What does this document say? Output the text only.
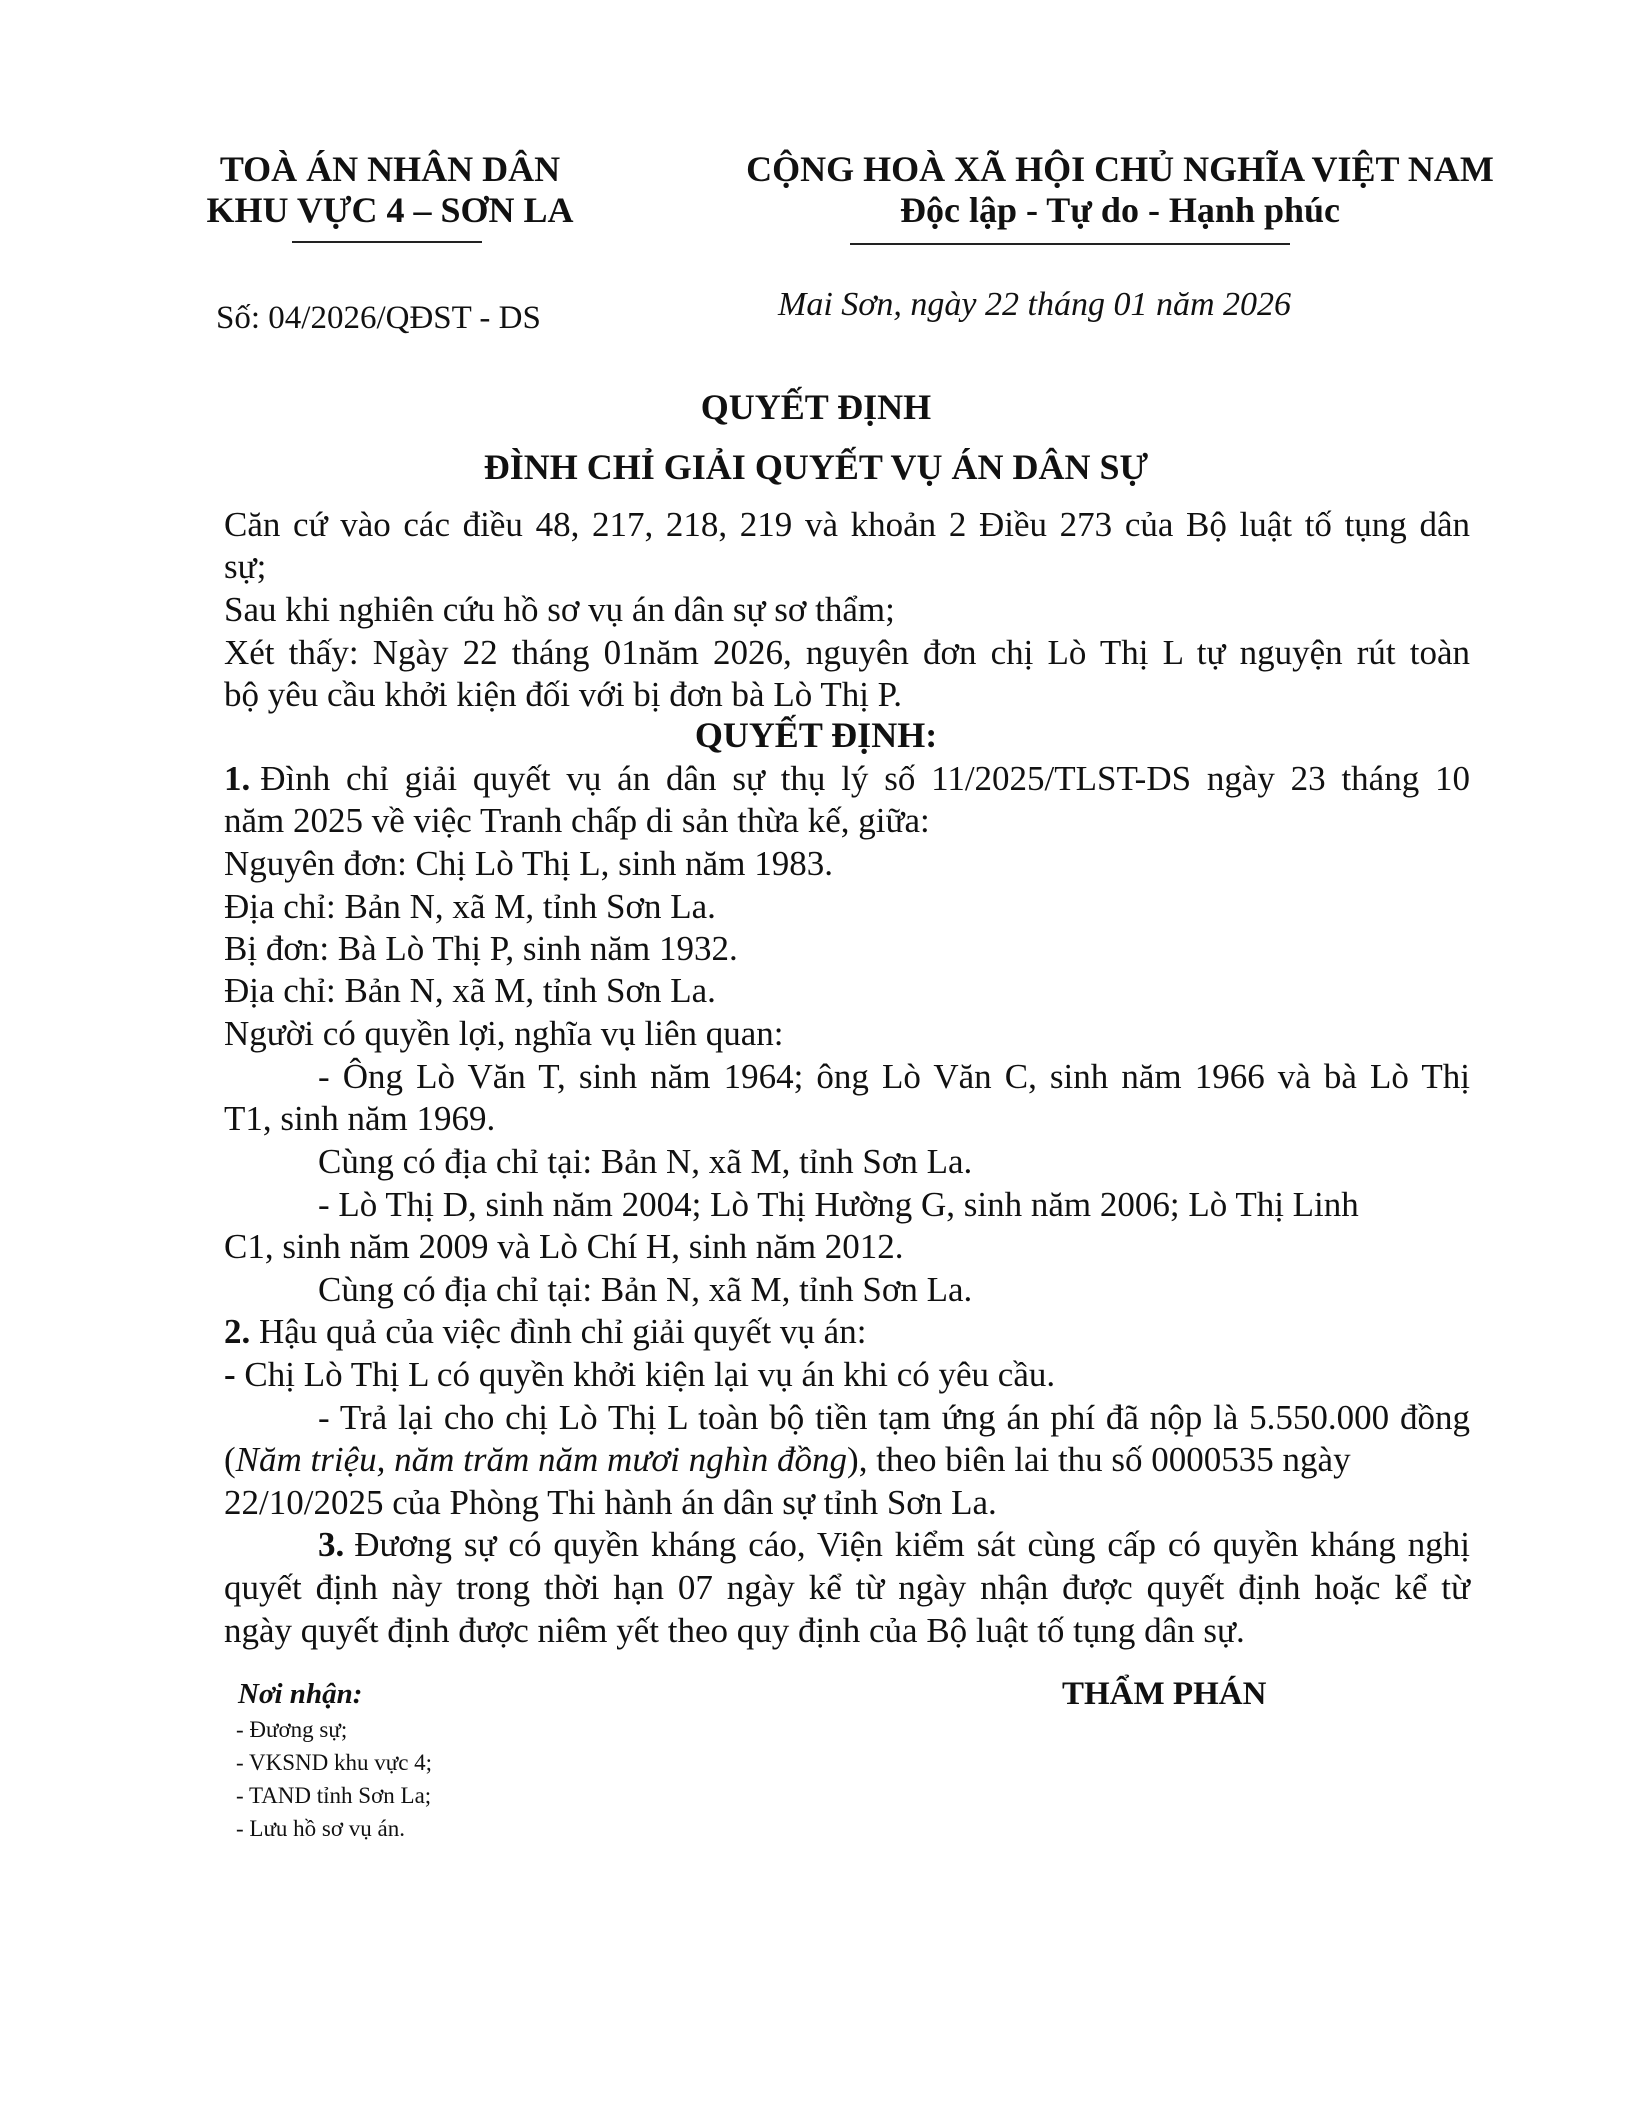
TOÀ ÁN NHÂN DÂN
KHU VỰC 4 – SƠN LA
CỘNG HOÀ XÃ HỘI CHỦ NGHĨA VIỆT NAM
Độc lập - Tự do - Hạnh phúc
Số: 04/2026/QĐST - DS	Mai Sơn, ngày 22 tháng 01 năm 2026
QUYẾT ĐỊNH
ĐÌNH CHỈ GIẢI QUYẾT VỤ ÁN DÂN SỰ
Căn cứ vào các điều 48, 217, 218, 219 và khoản 2 Điều 273 của Bộ luật tố tụng dân
sự;
Sau khi nghiên cứu hồ sơ vụ án dân sự sơ thẩm;
Xét thấy: Ngày 22 tháng 01năm 2026, nguyên đơn chị Lò Thị L tự nguyện rút toàn
bộ yêu cầu khởi kiện đối với bị đơn bà Lò Thị P.
QUYẾT ĐỊNH:
1. Đình chỉ giải quyết vụ án dân sự thụ lý số 11/2025/TLST-DS ngày 23 tháng 10
năm 2025 về việc Tranh chấp di sản thừa kế, giữa:
Nguyên đơn: Chị Lò Thị L, sinh năm 1983.
Địa chỉ: Bản N, xã M, tỉnh Sơn La.
Bị đơn: Bà Lò Thị P, sinh năm 1932.
Địa chỉ: Bản N, xã M, tỉnh Sơn La.
Người có quyền lợi, nghĩa vụ liên quan:
- Ông Lò Văn T, sinh năm 1964; ông Lò Văn C, sinh năm 1966 và bà Lò Thị
T1, sinh năm 1969.
Cùng có địa chỉ tại: Bản N, xã M, tỉnh Sơn La.
- Lò Thị D, sinh năm 2004; Lò Thị Hường G, sinh năm 2006; Lò Thị Linh
C1, sinh năm 2009 và Lò Chí H, sinh năm 2012.
Cùng có địa chỉ tại: Bản N, xã M, tỉnh Sơn La.
2. Hậu quả của việc đình chỉ giải quyết vụ án:
- Chị Lò Thị L có quyền khởi kiện lại vụ án khi có yêu cầu.
- Trả lại cho chị Lò Thị L toàn bộ tiền tạm ứng án phí đã nộp là 5.550.000 đồng
(Năm triệu, năm trăm năm mươi nghìn đồng), theo biên lai thu số 0000535 ngày
22/10/2025 của Phòng Thi hành án dân sự tỉnh Sơn La.
3. Đương sự có quyền kháng cáo, Viện kiểm sát cùng cấp có quyền kháng nghị
quyết định này trong thời hạn 07 ngày kể từ ngày nhận được quyết định hoặc kể từ
ngày quyết định được niêm yết theo quy định của Bộ luật tố tụng dân sự.
Nơi nhận:
- Đương sự;
- VKSND khu vực 4;
- TAND tỉnh Sơn La;
- Lưu hồ sơ vụ án.
THẨM PHÁN
